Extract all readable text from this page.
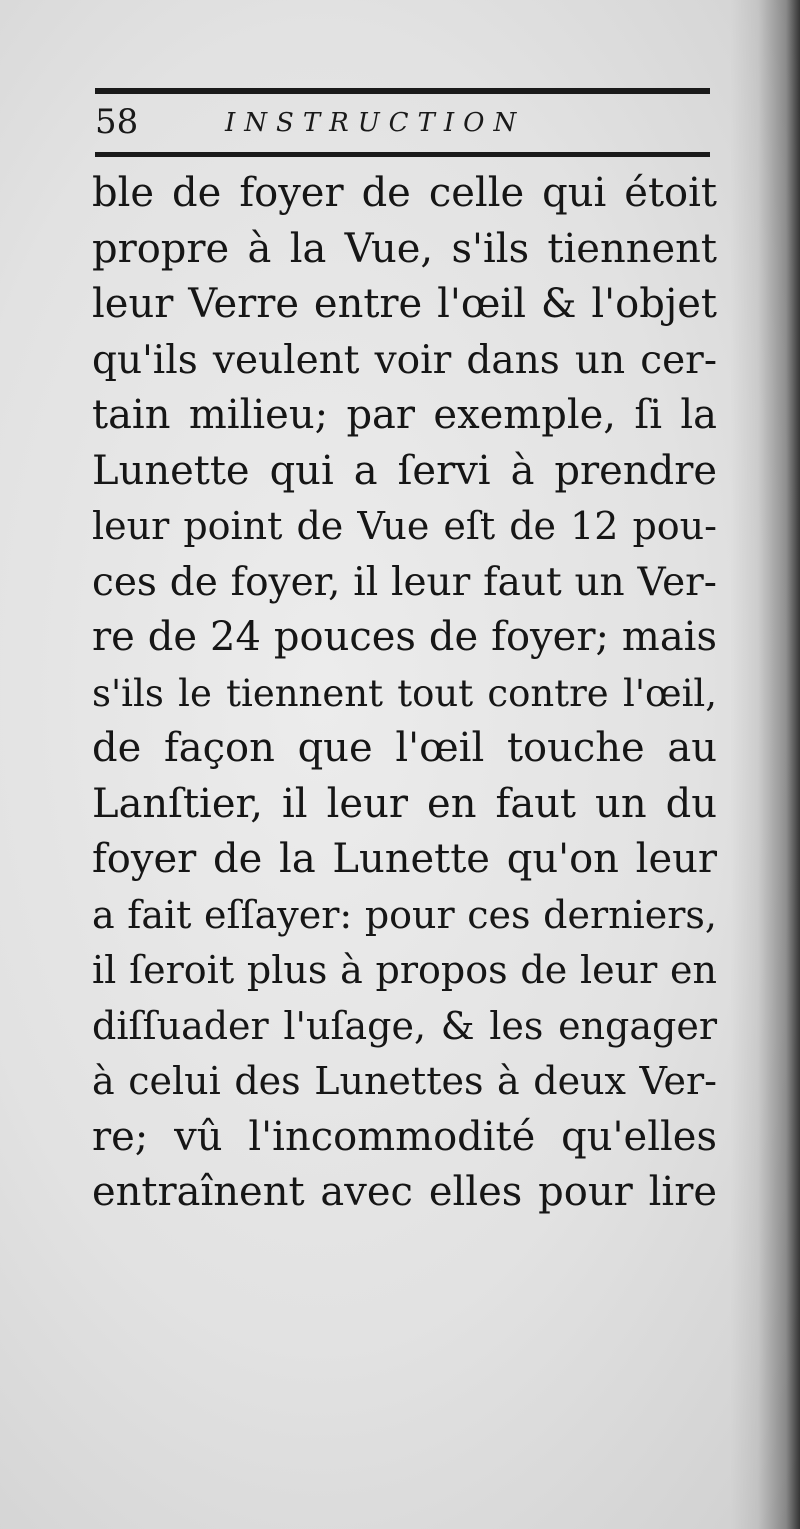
58	INSTRUCTION
ble de foyer de celle qui étoit
propre à la Vue, s'ils tiennent
leur Verre entre l'œil & l'objet
qu'ils veulent voir dans un cer-
tain milieu; par exemple, ſi la
Lunette qui a ſervi à prendre
leur point de Vue eſt de 12 pou-
ces de foyer, il leur faut un Ver-
re de 24 pouces de foyer; mais
s'ils le tiennent tout contre l'œil,
de façon que l'œil touche au
Lanſtier, il leur en faut un du
foyer de la Lunette qu'on leur
a fait eſſayer: pour ces derniers,
il ſeroit plus à propos de leur en
diſſuader l'uſage, & les engager
à celui des Lunettes à deux Ver-
re; vû l'incommodité qu'elles
entraînent avec elles pour lire
